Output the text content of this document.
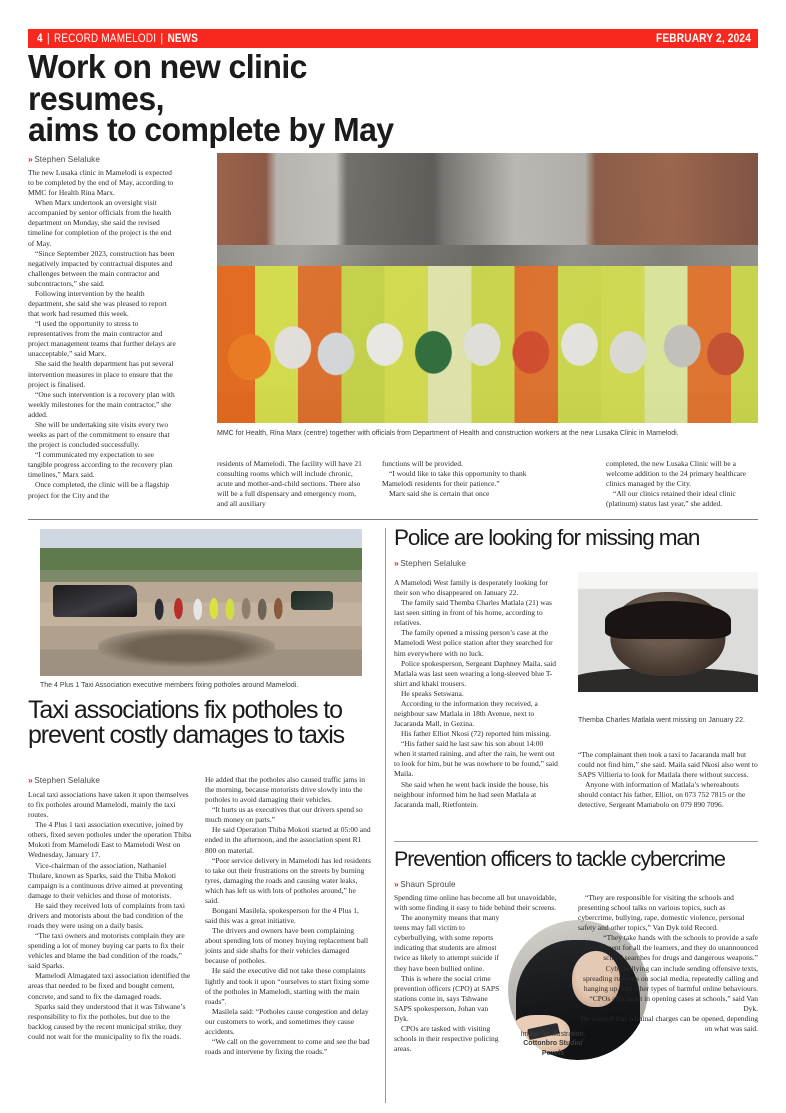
4 | RECORD MAMELODI | NEWS	FEBRUARY 2, 2024
Work on new clinic resumes,
aims to complete by May
» Stephen Selaluke

The new Lusaka clinic in Mamelodi is expected to be completed by the end of May, according to MMC for Health Rina Marx.

When Marx undertook an oversight visit accompanied by senior officials from the health department on Monday, she said the revised timeline for completion of the project is the end of May.

“Since September 2023, construction has been negatively impacted by contractual disputes and challenges between the main contractor and subcontractors,” she said.

Following intervention by the health department, she said she was pleased to report that work had resumed this week.

“I used the opportunity to stress to representatives from the main contractor and project management teams that further delays are unacceptable,” said Marx.

She said the health department has put several intervention measures in place to ensure that the project is finalised.

“One such intervention is a recovery plan with weekly milestones for the main contractor,” she added.

She will be undertaking site visits every two weeks as part of the commitment to ensure that the project is concluded successfully.

“I communicated my expectation to see tangible progress according to the recovery plan timelines,” Marx said.

Once completed, the clinic will be a flagship project for the City and the

MMC for Health, Rina Marx (centre) together with officials from Department of Health and construction workers at the new Lusaka Clinic in Mamelodi.

residents of Mamelodi. The facility will have 21 consulting rooms which will include chronic, acute and mother-and-child sections. There also will be a full dispensary and emergency room, and all auxiliary

functions will be provided.

“I would like to take this opportunity to thank Mamelodi residents for their patience.”

Marx said she is certain that once

completed, the new Lusaka Clinic will be a welcome addition to the 24 primary healthcare clinics managed by the City.

“All our clinics retained their ideal clinic (platinum) status last year,” she added.

The 4 Plus 1 Taxi Association executive members fixing potholes around Mamelodi.
Taxi associations fix potholes to
prevent costly damages to taxis
» Stephen Selaluke

Local taxi associations have taken it upon themselves to fix potholes around Mamelodi, mainly the taxi routes.

The 4 Plus 1 taxi association executive, joined by others, fixed seven potholes under the operation Thiba Mokoti from Mamelodi East to Mamelodi West on Wednesday, January 17.

Vice-chairman of the association, Nathaniel Thulare, known as Sparks, said the Thiba Mokoti campaign is a continuous drive aimed at preventing damage to their vehicles and those of motorists.

He said they received lots of complaints from taxi drivers and motorists about the bad condition of the roads they were using on a daily basis.

“The taxi owners and motorists complain they are spending a lot of money buying car parts to fix their vehicles and blame the bad condition of the roads,” said Sparks.

Mamelodi Almagated taxi association identified the areas that needed to be fixed and bought cement, concrete, and sand to fix the damaged roads.

Sparks said they understood that it was Tshwane’s responsibility to fix the potholes, but due to the backlog caused by the recent municipal strike, they could not wait for the municipality to fix the roads.

He added that the potholes also caused traffic jams in the morning, because motorists drive slowly into the potholes to avoid damaging their vehicles.

“It hurts us as executives that our drivers spend so much money on parts.”

He said Operation Thiba Mokoti started at 05:00 and ended in the afternoon, and the association spent R1 800 on material.

“Poor service delivery in Mamelodi has led residents to take out their frustrations on the streets by burning tyres, damaging the roads and causing water leaks, which has left us with lots of potholes around,” he said.

Bongani Masilela, spokesperson for the 4 Plus 1, said this was a great initiative.

The drivers and owners have been complaining about spending lots of money buying replacement ball joints and side shafts for their vehicles damaged because of potholes.

He said the executive did not take these complaints lightly and took it upon “ourselves to start fixing some of the potholes in Mamelodi, starting with the main roads”.

Masilela said: “Potholes cause congestion and delay our customers to work, and sometimes they cause accidents.

“We call on the government to come and see the bad roads and intervene by fixing the roads.”

Police are looking for missing man
» Stephen Selaluke

A Mamelodi West family is desperately looking for their son who disappeared on January 22.

The family said Themba Charles Matlala (21) was last seen sitting in front of his home, according to relatives.

The family opened a missing person’s case at the Mamelodi West police station after they searched for him everywhere with no luck.

Police spokesperson, Sergeant Daphney Maila, said Matlala was last seen wearing a long-sleeved blue T-shirt and khaki trousers.

He speaks Setswana.

According to the information they received, a neighbour saw Matlala in 18th Avenue, next to Jacaranda Mall, in Gezina.

His father Elliot Nkosi (72) reported him missing.

“His father said he last saw his son about 14:00 when it started raining, and after the rain, he went out to look for him, but he was nowhere to be found,” said Maila.

She said when he went back inside the house, his neighbour informed him he had seen Matlala at Jacaranda mall, Rietfontein.

Themba Charles Matlala went missing on January 22.

“The complainant then took a taxi to Jacaranda mall but could not find him,” she said. Maila said Nkosi also went to SAPS Villieria to look for Matlala there without success.

Anyone with information of Matlala’s whereabouts should contact his father, Elliot, on 073 752 7815 or the detective, Sergeant Mamabolo on 079 890 7096.

Prevention officers to tackle cybercrime
» Shaun Sproule

Spending time online has become all but unavoidable, with some finding it easy to hide behind their screens.

The anonymity means that many teens may fall victim to cyberbullying, with some reports indicating that students are almost twice as likely to attempt suicide if they have been bullied online.

This is where the social crime prevention officers (CPO) at SAPS stations come in, says Tshwane SAPS spokesperson, Johan van Dyk.

CPOs are tasked with visiting schools in their respective policing areas.

“They are responsible for visiting the schools and presenting school talks on various topics, such as cybercrime, bullying, rape, domestic violence, personal safety and other topics,” Van Dyk told Record.

“They take hands with the schools to provide a safe environment for all the learners, and they do unannounced school searches for drugs and dangerous weapons.”

Cyberbullying can include sending offensive texts, spreading rumours on social media, repeatedly calling and hanging up, and other types of harmful online behaviours.

“CPOs also assist in opening cases at schools,” said Van Dyk.

He warned that criminal charges can be opened, depending on what was said.

Image for illustration.
Cottonbro Studio/
Pexels
